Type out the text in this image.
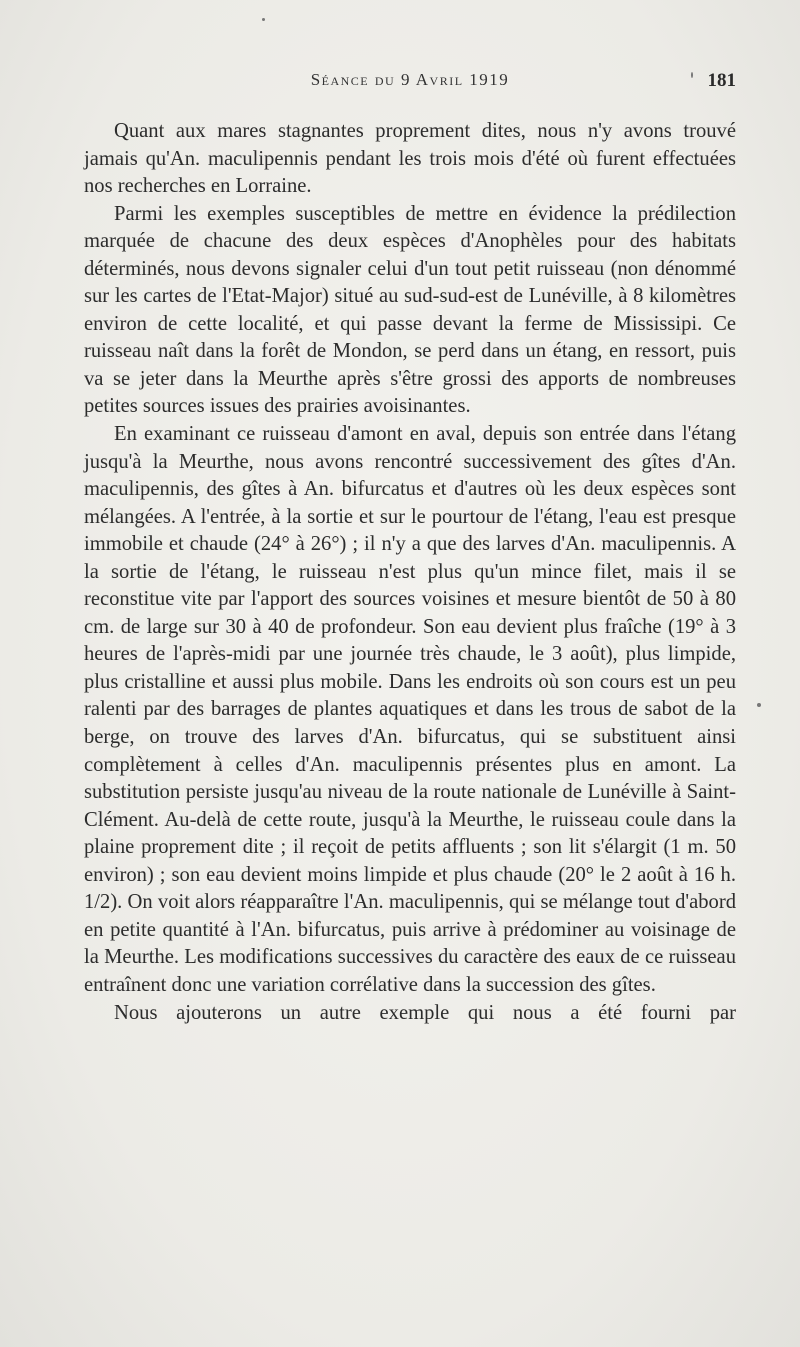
Séance du 9 Avril 1919	181

Quant aux mares stagnantes proprement dites, nous n'y avons trouvé jamais qu'An. maculipennis pendant les trois mois d'été où furent effectuées nos recherches en Lorraine.

Parmi les exemples susceptibles de mettre en évidence la prédilection marquée de chacune des deux espèces d'Anophèles pour des habitats déterminés, nous devons signaler celui d'un tout petit ruisseau (non dénommé sur les cartes de l'Etat-Major) situé au sud-sud-est de Lunéville, à 8 kilomètres environ de cette localité, et qui passe devant la ferme de Mississipi. Ce ruisseau naît dans la forêt de Mondon, se perd dans un étang, en ressort, puis va se jeter dans la Meurthe après s'être grossi des apports de nombreuses petites sources issues des prairies avoisinantes.

En examinant ce ruisseau d'amont en aval, depuis son entrée dans l'étang jusqu'à la Meurthe, nous avons rencontré successivement des gîtes d'An. maculipennis, des gîtes à An. bifurcatus et d'autres où les deux espèces sont mélangées. A l'entrée, à la sortie et sur le pourtour de l'étang, l'eau est presque immobile et chaude (24° à 26°) ; il n'y a que des larves d'An. maculipennis. A la sortie de l'étang, le ruisseau n'est plus qu'un mince filet, mais il se reconstitue vite par l'apport des sources voisines et mesure bientôt de 50 à 80 cm. de large sur 30 à 40 de profondeur. Son eau devient plus fraîche (19° à 3 heures de l'après-midi par une journée très chaude, le 3 août), plus limpide, plus cristalline et aussi plus mobile. Dans les endroits où son cours est un peu ralenti par des barrages de plantes aquatiques et dans les trous de sabot de la berge, on trouve des larves d'An. bifurcatus, qui se substituent ainsi complètement à celles d'An. maculipennis présentes plus en amont. La substitution persiste jusqu'au niveau de la route nationale de Lunéville à Saint-Clément. Au-delà de cette route, jusqu'à la Meurthe, le ruisseau coule dans la plaine proprement dite ; il reçoit de petits affluents ; son lit s'élargit (1 m. 50 environ) ; son eau devient moins limpide et plus chaude (20° le 2 août à 16 h. 1/2). On voit alors réapparaître l'An. maculipennis, qui se mélange tout d'abord en petite quantité à l'An. bifurcatus, puis arrive à prédominer au voisinage de la Meurthe. Les modifications successives du caractère des eaux de ce ruisseau entraînent donc une variation corrélative dans la succession des gîtes.

Nous ajouterons un autre exemple qui nous a été fourni par
